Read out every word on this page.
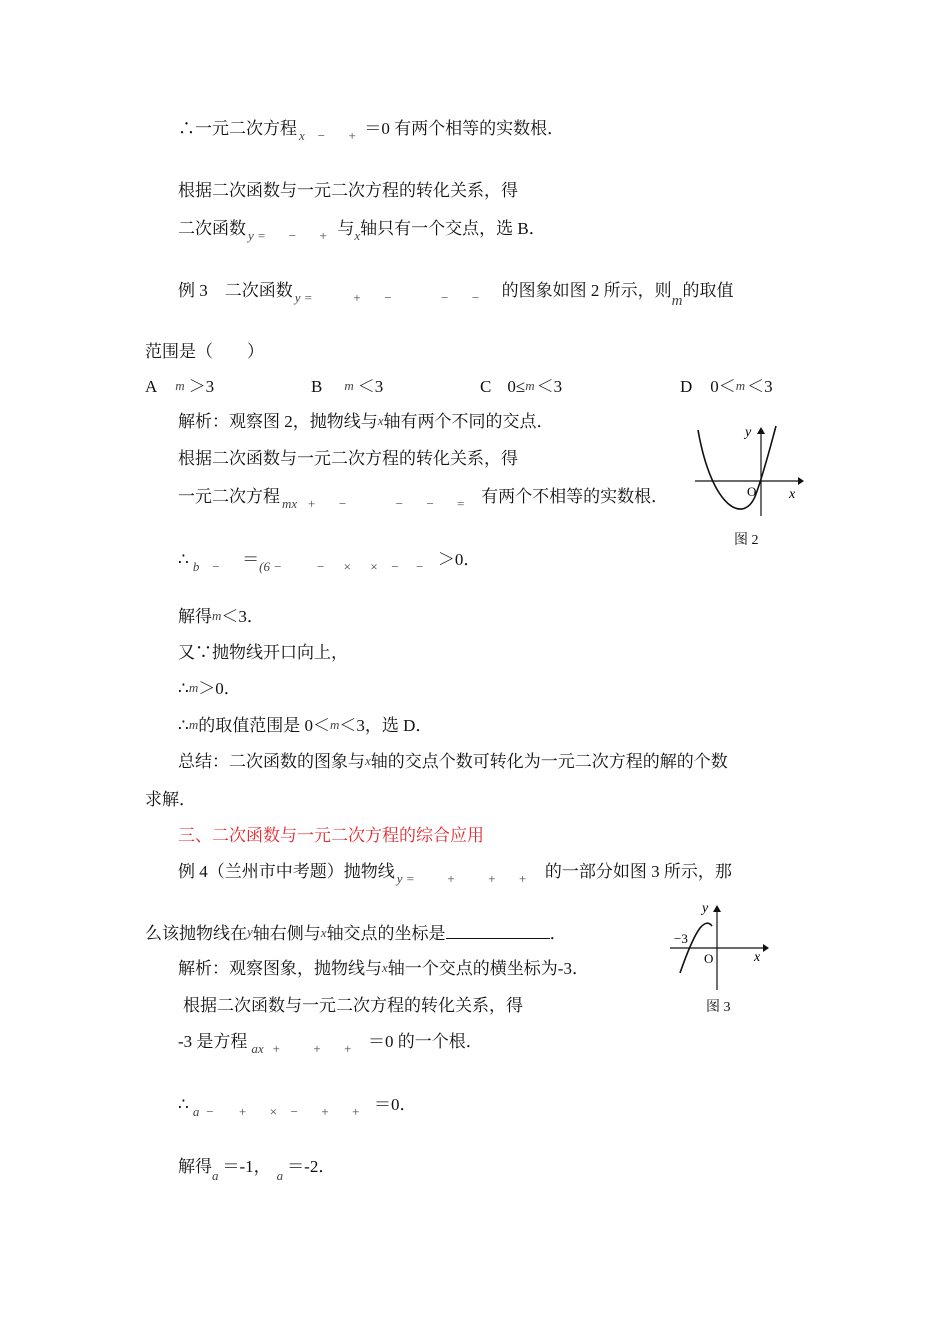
∴一元二次方程 $_x$ $_-$ $_+$ ＝0 有两个相等的实数根．
根据二次函数与一元二次方程的转化关系，得
二次函数 $_{y =}$ $_-$ $_+$ 与$_x$轴只有一个交点，选 B．
例 3　二次函数 $_{y =}$	$_+$ $_-$	$_-$ $_-$ 的图象如图 2 所示，则m的取值
范围是（　　）
A m ＞3	B m ＜3	C 0≤m ＜3	D 0＜m ＜3
解析：观察图 2，抛物线与x轴有两个不同的交点．
根据二次函数与一元二次方程的转化关系，得
一元二次方程 $_{mx}$ $_+$ $_-$	$_-$ $_-$ $_=$ 有两个不相等的实数根．
∴ $_b$ $_- =_{(6 -}$	$_-$ $_\times$ $_\times$ $_-$ $_-$ ＞0．
解得m＜3．
又∵抛物线开口向上，
∴m＞0．
∴m的取值范围是 0＜m＜3，选 D．
总结：二次函数的图象与x轴的交点个数可转化为一元二次方程的解的个数
求解．
三、二次函数与一元二次方程的综合应用
例 4（兰州市中考题）抛物线 $_{y =}$ $_+$ $_+$ $_+$ 的一部分如图 3 所示，那
么该抛物线在y轴右侧与x轴交点的坐标是	．
解析：观察图象，抛物线与x轴一个交点的横坐标为-3．
根据二次函数与一元二次方程的转化关系，得
-3 是方程 $_{ax}$ $_+$ $_+$ $_+$ ＝0 的一个根．
∴ $_a$ $_-$ $_+$ $_\times$ $_-$ $_+$ $_+$ ＝0．
解得$_a$ ＝-1， $_a$ ＝-2．
y
x
O
图 2
y
x
O
−3
图 3
